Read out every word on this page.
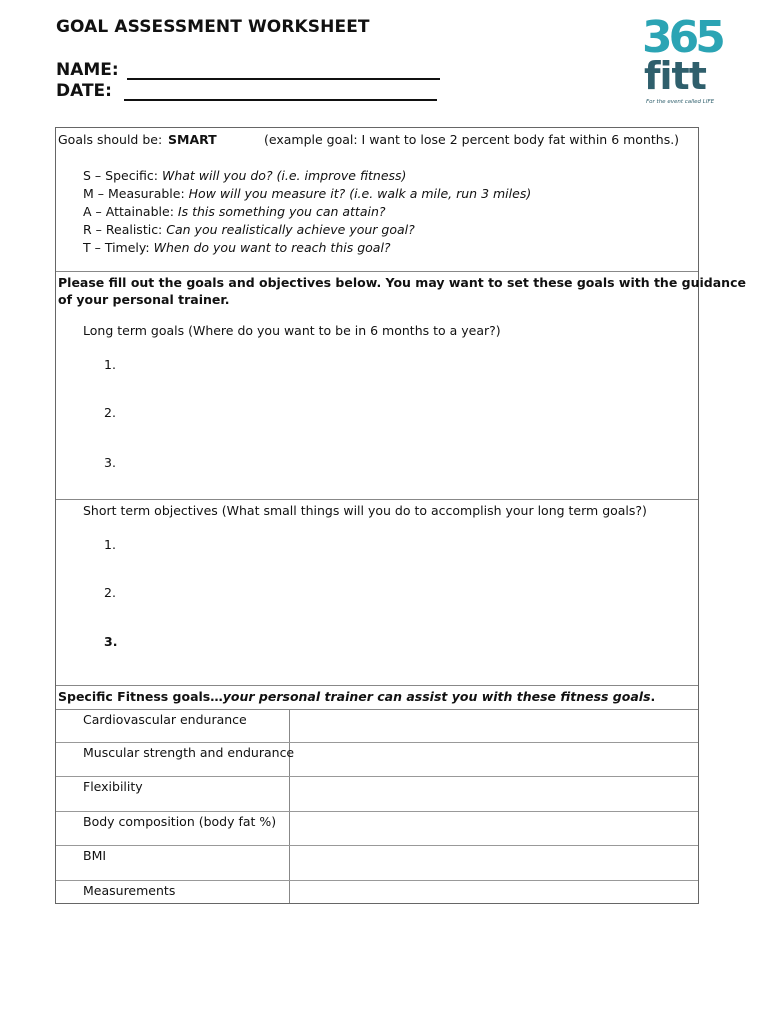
GOAL ASSESSMENT WORKSHEET
NAME:
DATE:
365
fitt
For the event called LIFE
Goals should be: SMART	(example goal: I want to lose 2 percent body fat within 6 months.)
S – Specific: What will you do? (i.e. improve fitness)
M – Measurable: How will you measure it? (i.e. walk a mile, run 3 miles)
A – Attainable: Is this something you can attain?
R – Realistic: Can you realistically achieve your goal?
T – Timely: When do you want to reach this goal?
Please fill out the goals and objectives below. You may want to set these goals with the guidance
of your personal trainer.
Long term goals (Where do you want to be in 6 months to a year?)
1.
2.
3.
Short term objectives (What small things will you do to accomplish your long term goals?)
1.
2.
3.
Specific Fitness goals…your personal trainer can assist you with these fitness goals.
Cardiovascular endurance
Muscular strength and endurance
Flexibility
Body composition (body fat %)
BMI
Measurements
